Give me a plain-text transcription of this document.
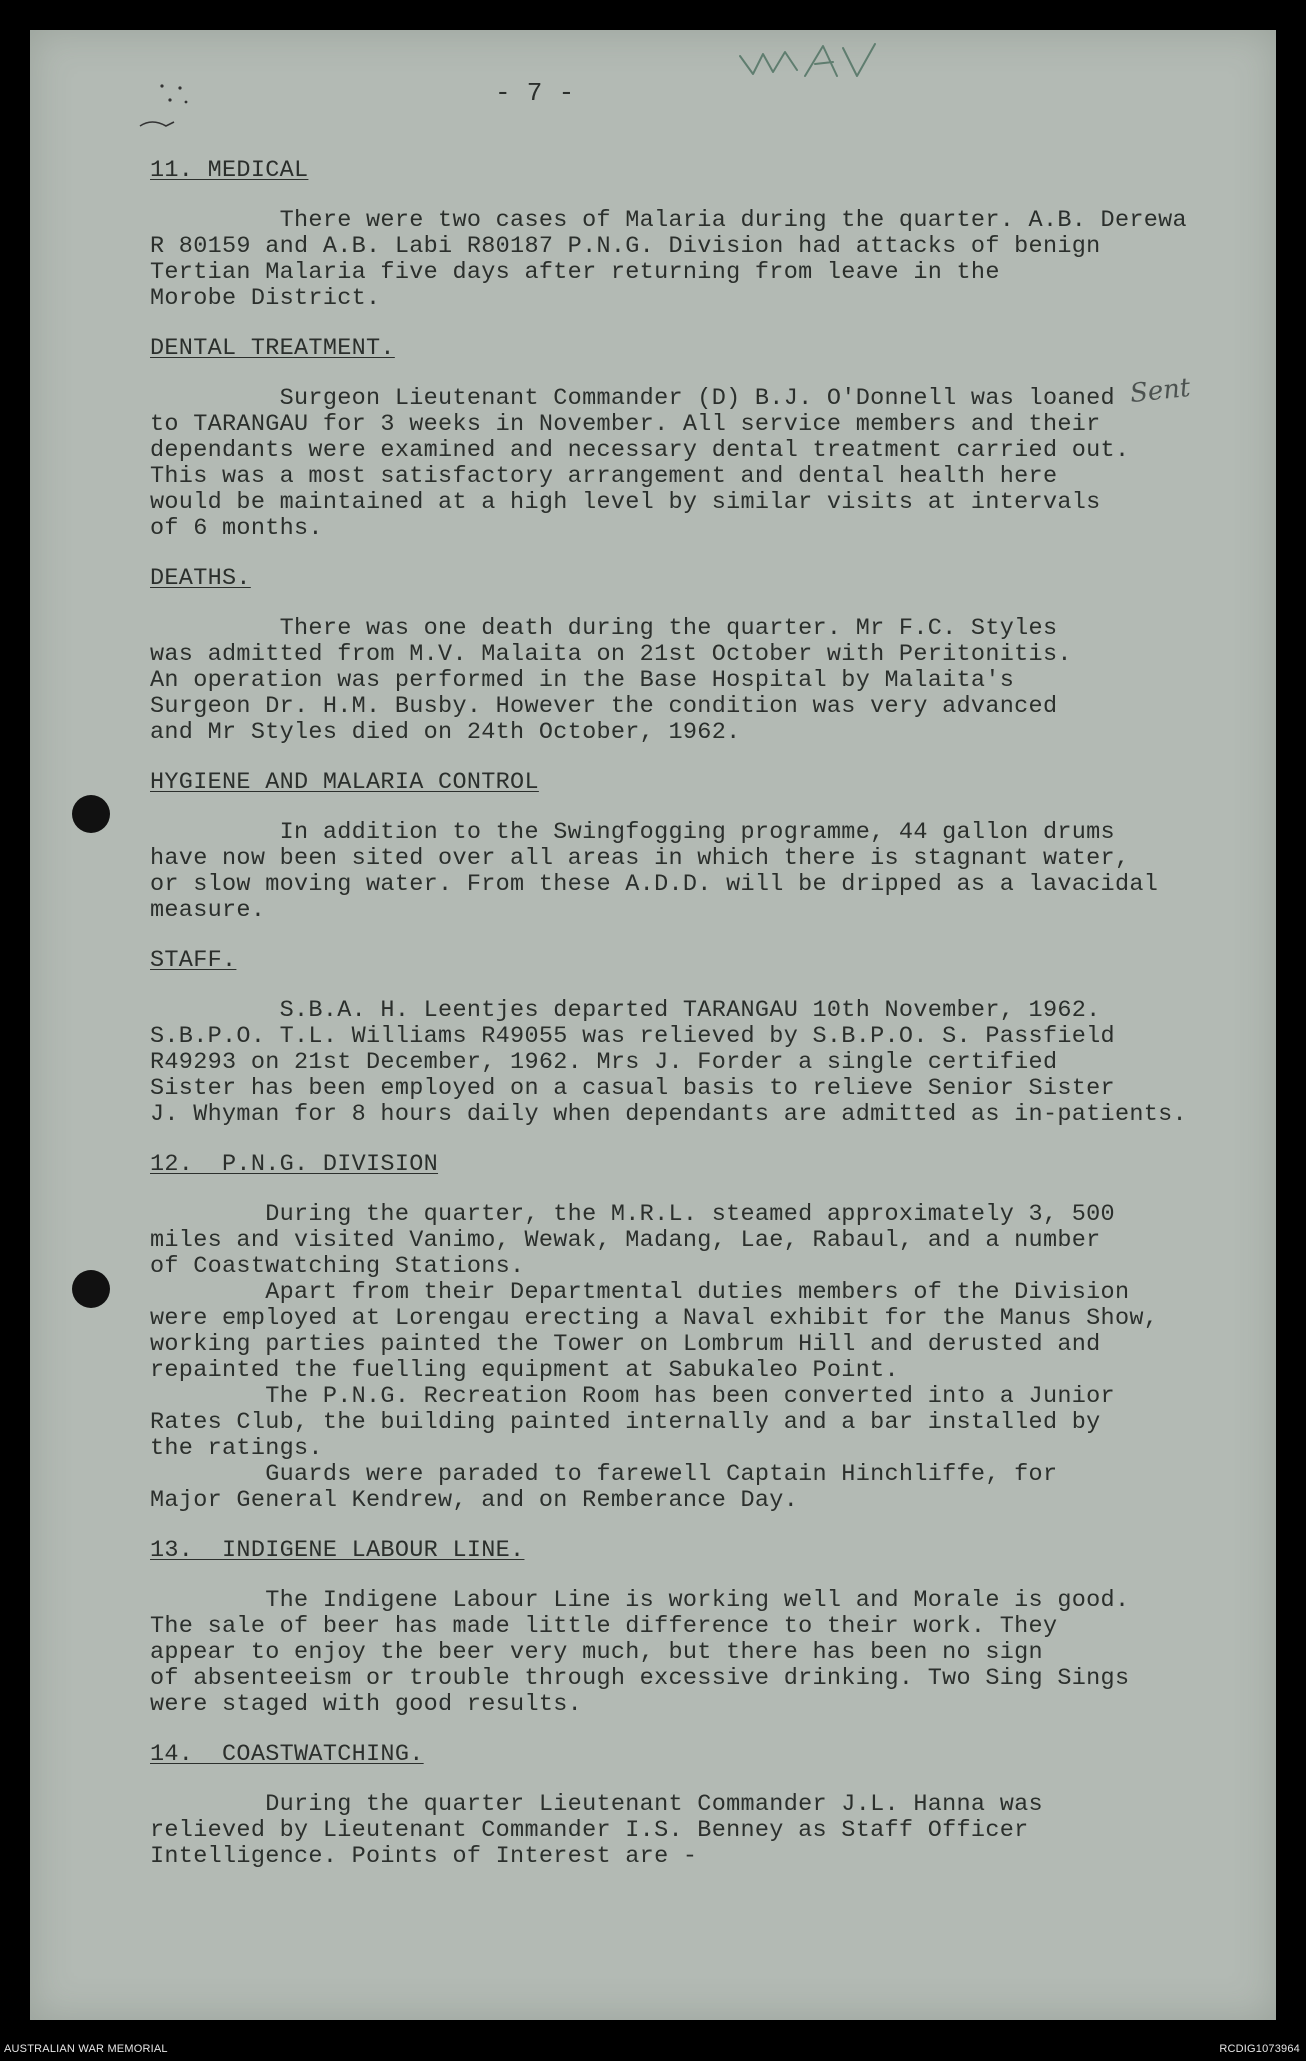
Sent
- 7 -
11. MEDICAL
There were two cases of Malaria during the quarter. A.B. Derewa
R 80159 and A.B. Labi R80187 P.N.G. Division had attacks of benign
Tertian Malaria five days after returning from leave in the
Morobe District.
DENTAL TREATMENT.
Surgeon Lieutenant Commander (D) B.J. O'Donnell was loaned
to TARANGAU for 3 weeks in November. All service members and their
dependants were examined and necessary dental treatment carried out.
This was a most satisfactory arrangement and dental health here
would be maintained at a high level by similar visits at intervals
of 6 months.
DEATHS.
There was one death during the quarter. Mr F.C. Styles
was admitted from M.V. Malaita on 21st October with Peritonitis.
An operation was performed in the Base Hospital by Malaita's
Surgeon Dr. H.M. Busby. However the condition was very advanced
and Mr Styles died on 24th October, 1962.
HYGIENE AND MALARIA CONTROL
In addition to the Swingfogging programme, 44 gallon drums
have now been sited over all areas in which there is stagnant water,
or slow moving water. From these A.D.D. will be dripped as a lavacidal
measure.
STAFF.
S.B.A. H. Leentjes departed TARANGAU 10th November, 1962.
S.B.P.O. T.L. Williams R49055 was relieved by S.B.P.O. S. Passfield
R49293 on 21st December, 1962. Mrs J. Forder a single certified
Sister has been employed on a casual basis to relieve Senior Sister
J. Whyman for 8 hours daily when dependants are admitted as in-patients.
12.  P.N.G. DIVISION
During the quarter, the M.R.L. steamed approximately 3, 500
miles and visited Vanimo, Wewak, Madang, Lae, Rabaul, and a number
of Coastwatching Stations.
Apart from their Departmental duties members of the Division
were employed at Lorengau erecting a Naval exhibit for the Manus Show,
working parties painted the Tower on Lombrum Hill and derusted and
repainted the fuelling equipment at Sabukaleo Point.
The P.N.G. Recreation Room has been converted into a Junior
Rates Club, the building painted internally and a bar installed by
the ratings.
Guards were paraded to farewell Captain Hinchliffe, for
Major General Kendrew, and on Remberance Day.
13.  INDIGENE LABOUR LINE.
The Indigene Labour Line is working well and Morale is good.
The sale of beer has made little difference to their work. They
appear to enjoy the beer very much, but there has been no sign
of absenteeism or trouble through excessive drinking. Two Sing Sings
were staged with good results.
14.  COASTWATCHING.
During the quarter Lieutenant Commander J.L. Hanna was
relieved by Lieutenant Commander I.S. Benney as Staff Officer
Intelligence. Points of Interest are -
AUSTRALIAN WAR MEMORIAL	RCDIG1073964
